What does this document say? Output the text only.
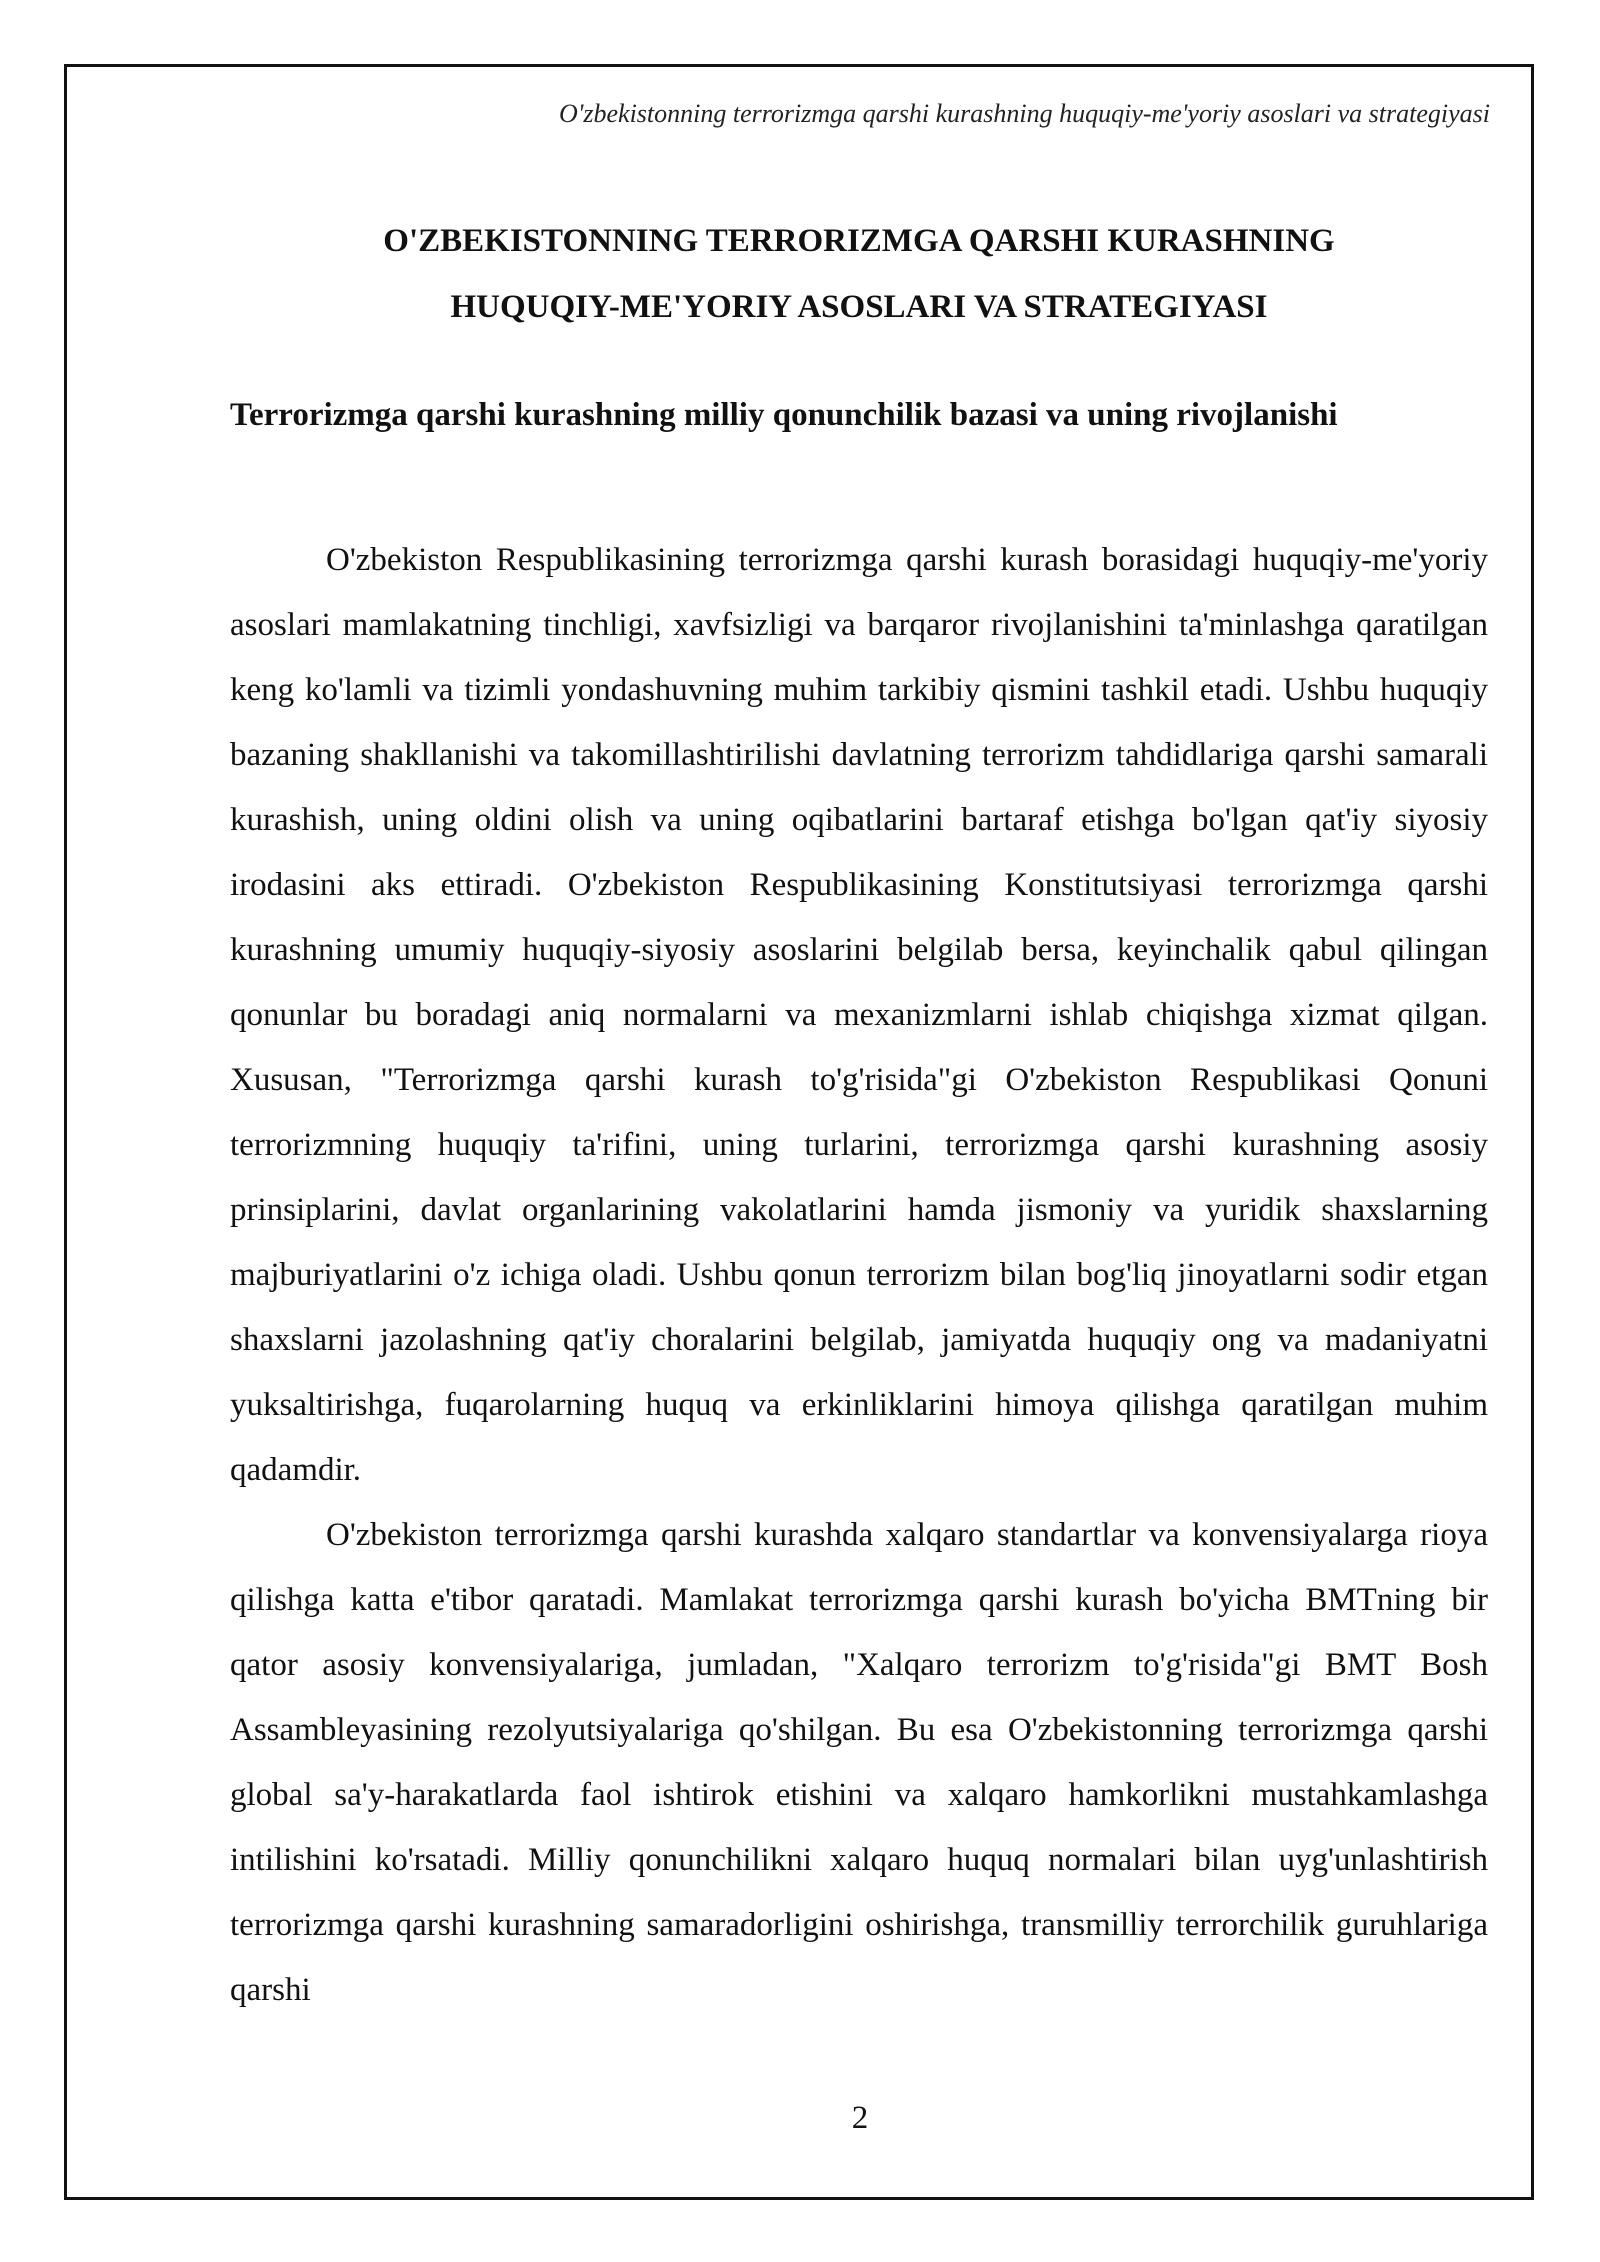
O'zbekistonning terrorizmga qarshi kurashning huquqiy-me'yoriy asoslari va strategiyasi
O'ZBEKISTONNING TERRORIZMGA QARSHI KURASHNING
HUQUQIY-ME'YORIY ASOSLARI VA STRATEGIYASI
Terrorizmga qarshi kurashning milliy qonunchilik bazasi va uning rivojlanishi

O'zbekiston Respublikasining terrorizmga qarshi kurash borasidagi huquqiy-me'yoriy asoslari mamlakatning tinchligi, xavfsizligi va barqaror rivojlanishini ta'minlashga qaratilgan keng ko'lamli va tizimli yondashuvning muhim tarkibiy qismini tashkil etadi. Ushbu huquqiy bazaning shakllanishi va takomillashtirilishi davlatning terrorizm tahdidlariga qarshi samarali kurashish, uning oldini olish va uning oqibatlarini bartaraf etishga bo'lgan qat'iy siyosiy irodasini aks ettiradi. O'zbekiston Respublikasining Konstitutsiyasi terrorizmga qarshi kurashning umumiy huquqiy-siyosiy asoslarini belgilab bersa, keyinchalik qabul qilingan qonunlar bu boradagi aniq normalarni va mexanizmlarni ishlab chiqishga xizmat qilgan. Xususan, "Terrorizmga qarshi kurash to'g'risida"gi O'zbekiston Respublikasi Qonuni terrorizmning huquqiy ta'rifini, uning turlarini, terrorizmga qarshi kurashning asosiy prinsiplarini, davlat organlarining vakolatlarini hamda jismoniy va yuridik shaxslarning majburiyatlarini o'z ichiga oladi. Ushbu qonun terrorizm bilan bog'liq jinoyatlarni sodir etgan shaxslarni jazolashning qat'iy choralarini belgilab, jamiyatda huquqiy ong va madaniyatni yuksaltirishga, fuqarolarning huquq va erkinliklarini himoya qilishga qaratilgan muhim qadamdir.

O'zbekiston terrorizmga qarshi kurashda xalqaro standartlar va konvensiyalarga rioya qilishga katta e'tibor qaratadi. Mamlakat terrorizmga qarshi kurash bo'yicha BMTning bir qator asosiy konvensiyalariga, jumladan, "Xalqaro terrorizm to'g'risida"gi BMT Bosh Assambleyasining rezolyutsiyalariga qo'shilgan. Bu esa O'zbekistonning terrorizmga qarshi global sa'y-harakatlarda faol ishtirok etishini va xalqaro hamkorlikni mustahkamlashga intilishini ko'rsatadi. Milliy qonunchilikni xalqaro huquq normalari bilan uyg'unlashtirish terrorizmga qarshi kurashning samaradorligini oshirishga, transmilliy terrorchilik guruhlariga qarshi

2
